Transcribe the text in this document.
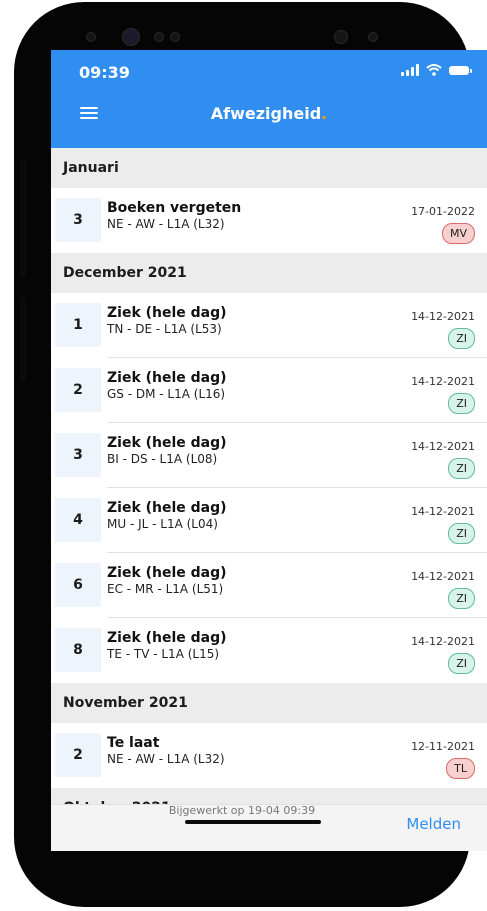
09:39
Afwezigheid.
Januari
3
Boeken vergeten
NE - AW - L1A (L32)
17-01-2022
MV
December 2021
1
Ziek (hele dag)
TN - DE - L1A (L53)
14-12-2021
ZI
2
Ziek (hele dag)
GS - DM - L1A (L16)
14-12-2021
ZI
3
Ziek (hele dag)
BI - DS - L1A (L08)
14-12-2021
ZI
4
Ziek (hele dag)
MU - JL - L1A (L04)
14-12-2021
ZI
6
Ziek (hele dag)
EC - MR - L1A (L51)
14-12-2021
ZI
8
Ziek (hele dag)
TE - TV - L1A (L15)
14-12-2021
ZI
November 2021
2
Te laat
NE - AW - L1A (L32)
12-11-2021
TL
Melden
Bijgewerkt op 19-04 09:39
